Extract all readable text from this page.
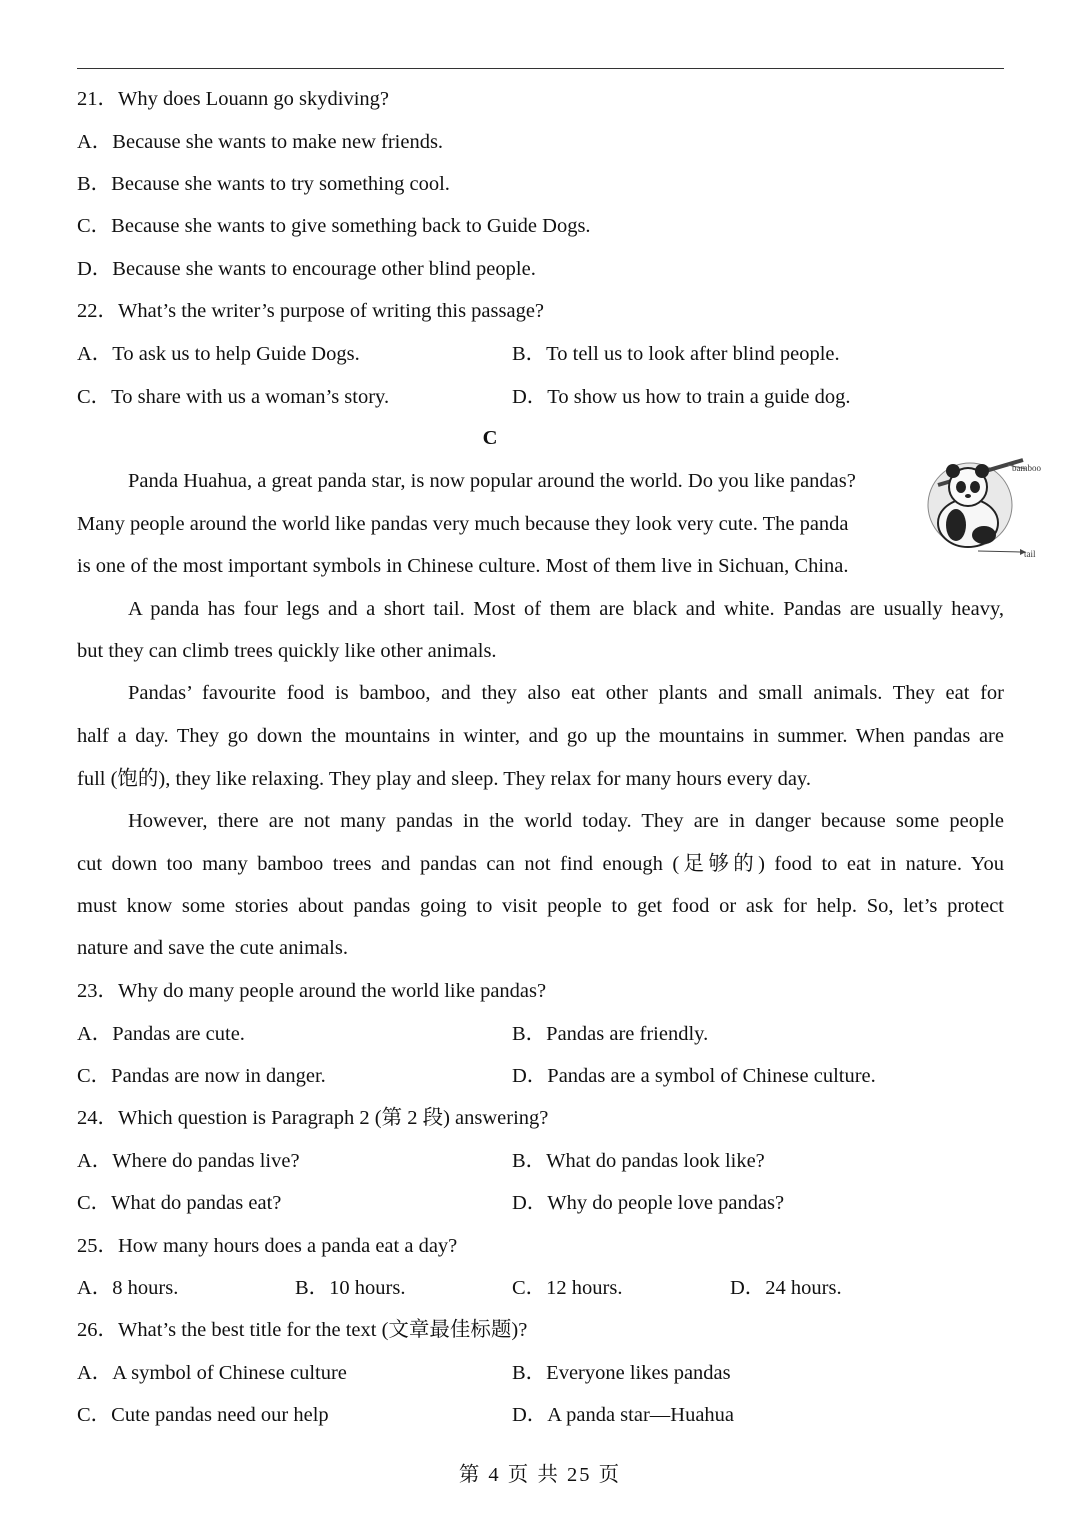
21．Why does Louann go skydiving?
A．Because she wants to make new friends.
B．Because she wants to try something cool.
C．Because she wants to give something back to Guide Dogs.
D．Because she wants to encourage other blind people.
22．What’s the writer’s purpose of writing this passage?
A．To ask us to help Guide Dogs.	B．To tell us to look after blind people.
C．To share with us a woman’s story.	D．To show us how to train a guide dog.
C
bamboo
tail
Panda Huahua, a great panda star, is now popular around the world. Do you like pandas?
Many people around the world like pandas very much because they look very cute. The panda
is one of the most important symbols in Chinese culture. Most of them live in Sichuan, China.
A panda has four legs and a short tail. Most of them are black and white. Pandas are usually heavy,
but they can climb trees quickly like other animals.
Pandas’ favourite food is bamboo, and they also eat other plants and small animals. They eat for
half a day. They go down the mountains in winter, and go up the mountains in summer. When pandas are
full (饱的), they like relaxing. They play and sleep. They relax for many hours every day.
However, there are not many pandas in the world today. They are in danger because some people
cut down too many bamboo trees and pandas can not find enough (足够的) food to eat in nature. You
must know some stories about pandas going to visit people to get food or ask for help. So, let’s protect
nature and save the cute animals.
23．Why do many people around the world like pandas?
A．Pandas are cute.	B．Pandas are friendly.
C．Pandas are now in danger.	D．Pandas are a symbol of Chinese culture.
24．Which question is Paragraph 2 (第 2 段) answering?
A．Where do pandas live?	B．What do pandas look like?
C．What do pandas eat?	D．Why do people love pandas?
25．How many hours does a panda eat a day?
A．8 hours.	B．10 hours.	C．12 hours.	D．24 hours.
26．What’s the best title for the text (文章最佳标题)?
A．A symbol of Chinese culture	B．Everyone likes pandas
C．Cute pandas need our help	D．A panda star—Huahua
第 4 页 共 25 页
